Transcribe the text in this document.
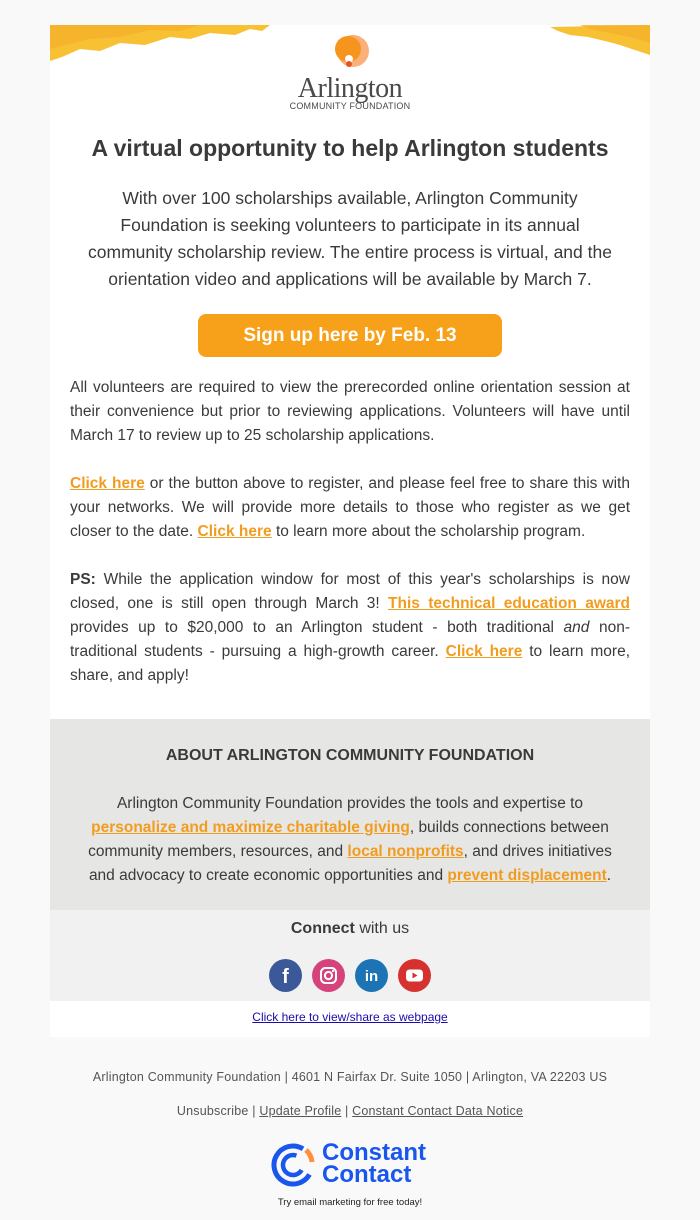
Arlington
COMMUNITY FOUNDATION
A virtual opportunity to help Arlington students
With over 100 scholarships available, Arlington Community Foundation is seeking volunteers to participate in its annual community scholarship review. The entire process is virtual, and the orientation video and applications will be available by March 7.
Sign up here by Feb. 13
All volunteers are required to view the prerecorded online orientation session at their convenience but prior to reviewing applications. Volunteers will have until March 17 to review up to 25 scholarship applications.
Click here or the button above to register, and please feel free to share this with your networks. We will provide more details to those who register as we get closer to the date. Click here to learn more about the scholarship program.
PS: While the application window for most of this year's scholarships is now closed, one is still open through March 3! This technical education award provides up to $20,000 to an Arlington student - both traditional and non-traditional students - pursuing a high-growth career. Click here to learn more, share, and apply!
ABOUT ARLINGTON COMMUNITY FOUNDATION
Arlington Community Foundation provides the tools and expertise to personalize and maximize charitable giving, builds connections between community members, resources, and local nonprofits, and drives initiatives and advocacy to create economic opportunities and prevent displacement.
Connect with us
f	in
Click here to view/share as webpage
Arlington Community Foundation | 4601 N Fairfax Dr. Suite 1050 | Arlington, VA 22203 US
Unsubscribe | Update Profile | Constant Contact Data Notice
Constant
Contact
Try email marketing for free today!
